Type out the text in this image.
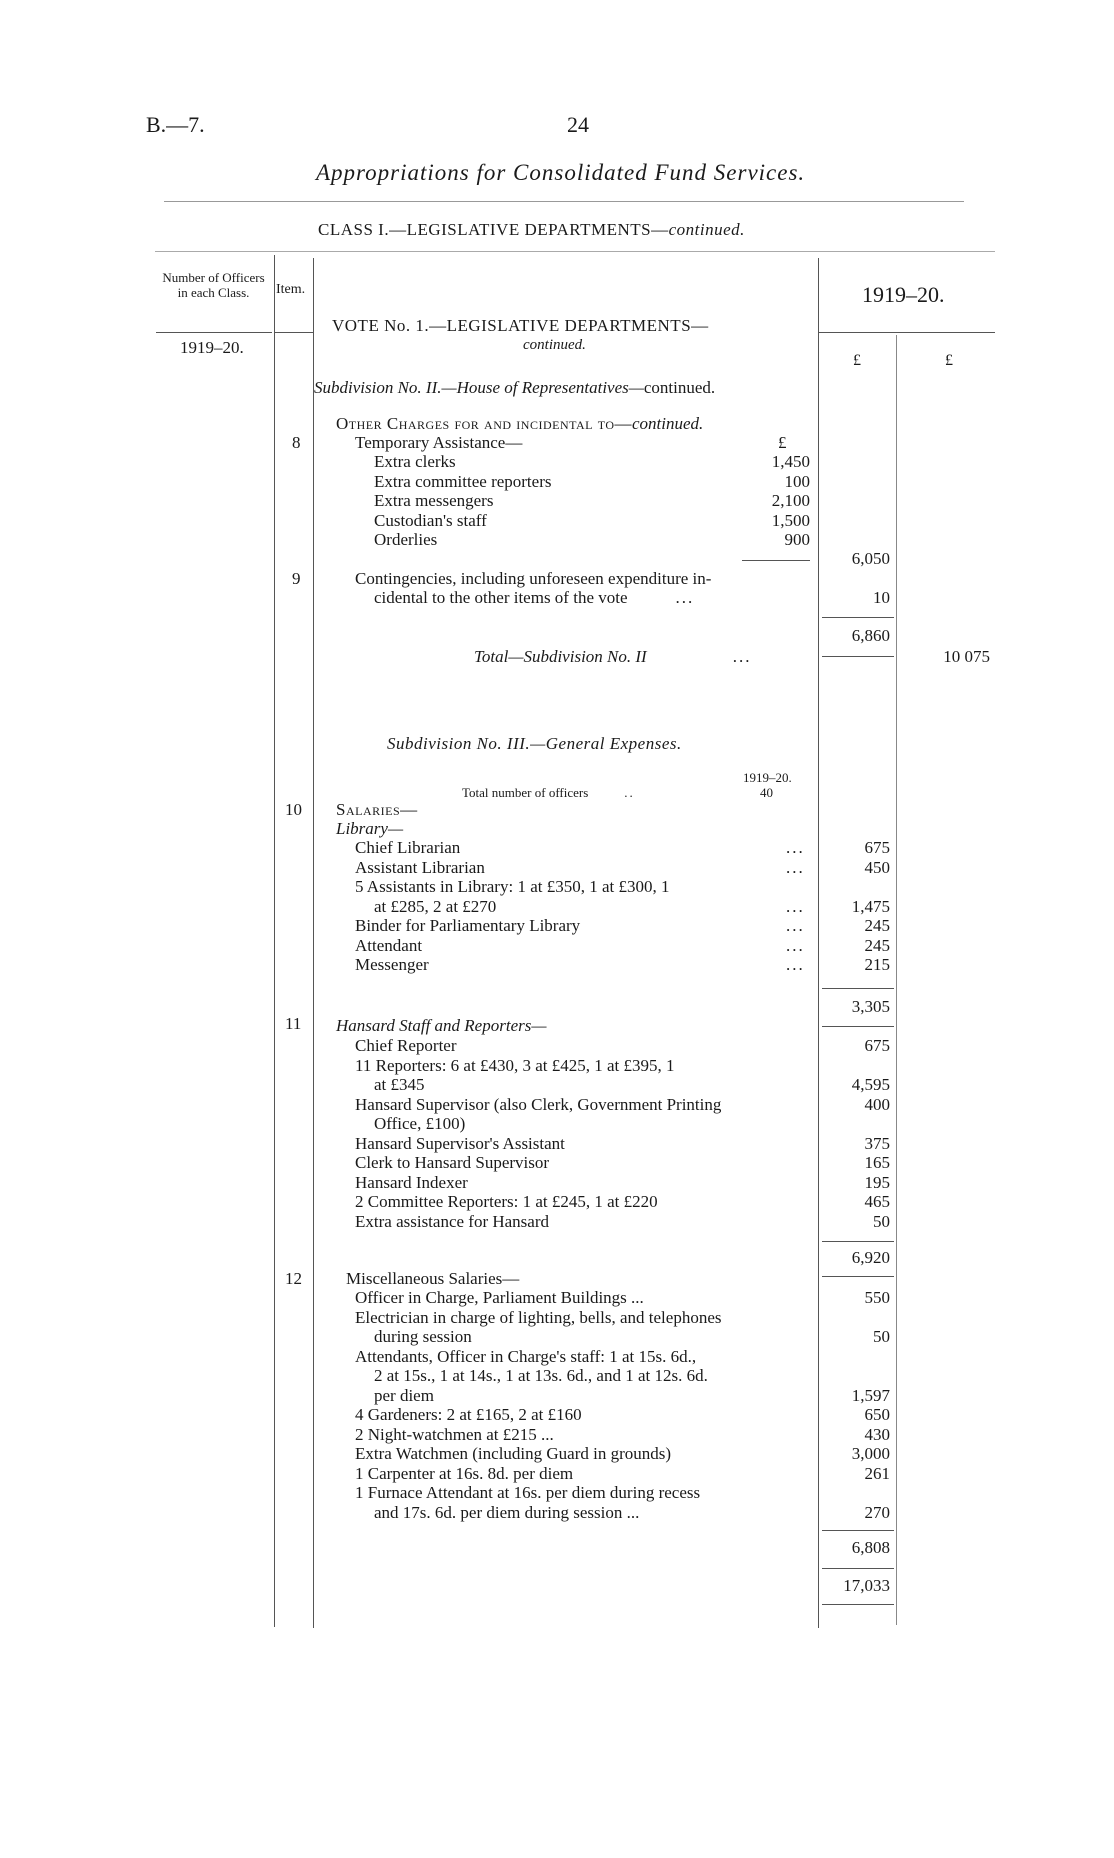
B.—7.	24
Appropriations for Consolidated Fund Services.
CLASS I.—LEGISLATIVE DEPARTMENTS—continued.
Number of Officers in each Class.	Item.
1919–20.
1919–20.
£	£
VOTE No. 1.—LEGISLATIVE DEPARTMENTS—
continued.
Subdivision No. II.—House of Representatives—continued.
Other Charges for and incidental to—continued.
8	Temporary Assistance—	£
Extra clerks	1,450
Extra committee reporters	100
Extra messengers	2,100
Custodian's staff	1,500
Orderlies	900
6,050
9	Contingencies, including unforeseen expenditure in-
cidental to the other items of the vote	...	10
6,860
Total—Subdivision No. II	...	10 075
Subdivision No. III.—General Expenses.
1919–20.
Total number of officers	..	40
10 Salaries—
Library—
Chief Librarian	...	675
Assistant Librarian	...	450
5 Assistants in Library: 1 at £350, 1 at £300, 1
at £285, 2 at £270	...	1,475
Binder for Parliamentary Library	...	245
Attendant	...	245
Messenger	...	215
3,305
11 Hansard Staff and Reporters—
Chief Reporter	675
11 Reporters: 6 at £430, 3 at £425, 1 at £395, 1
at £345	4,595
Hansard Supervisor (also Clerk, Government Printing	400
Office, £100)
Hansard Supervisor's Assistant	375
Clerk to Hansard Supervisor	165
Hansard Indexer	195
2 Committee Reporters: 1 at £245, 1 at £220	465
Extra assistance for Hansard	50
6,920
12	Miscellaneous Salaries—
Officer in Charge, Parliament Buildings ...	550
Electrician in charge of lighting, bells, and telephones
during session	50
Attendants, Officer in Charge's staff: 1 at 15s. 6d.,
2 at 15s., 1 at 14s., 1 at 13s. 6d., and 1 at 12s. 6d.
per diem	1,597
4 Gardeners: 2 at £165, 2 at £160	650
2 Night-watchmen at £215 ...	430
Extra Watchmen (including Guard in grounds)	3,000
1 Carpenter at 16s. 8d. per diem	261
1 Furnace Attendant at 16s. per diem during recess
and 17s. 6d. per diem during session ...	270
6,808
17,033
